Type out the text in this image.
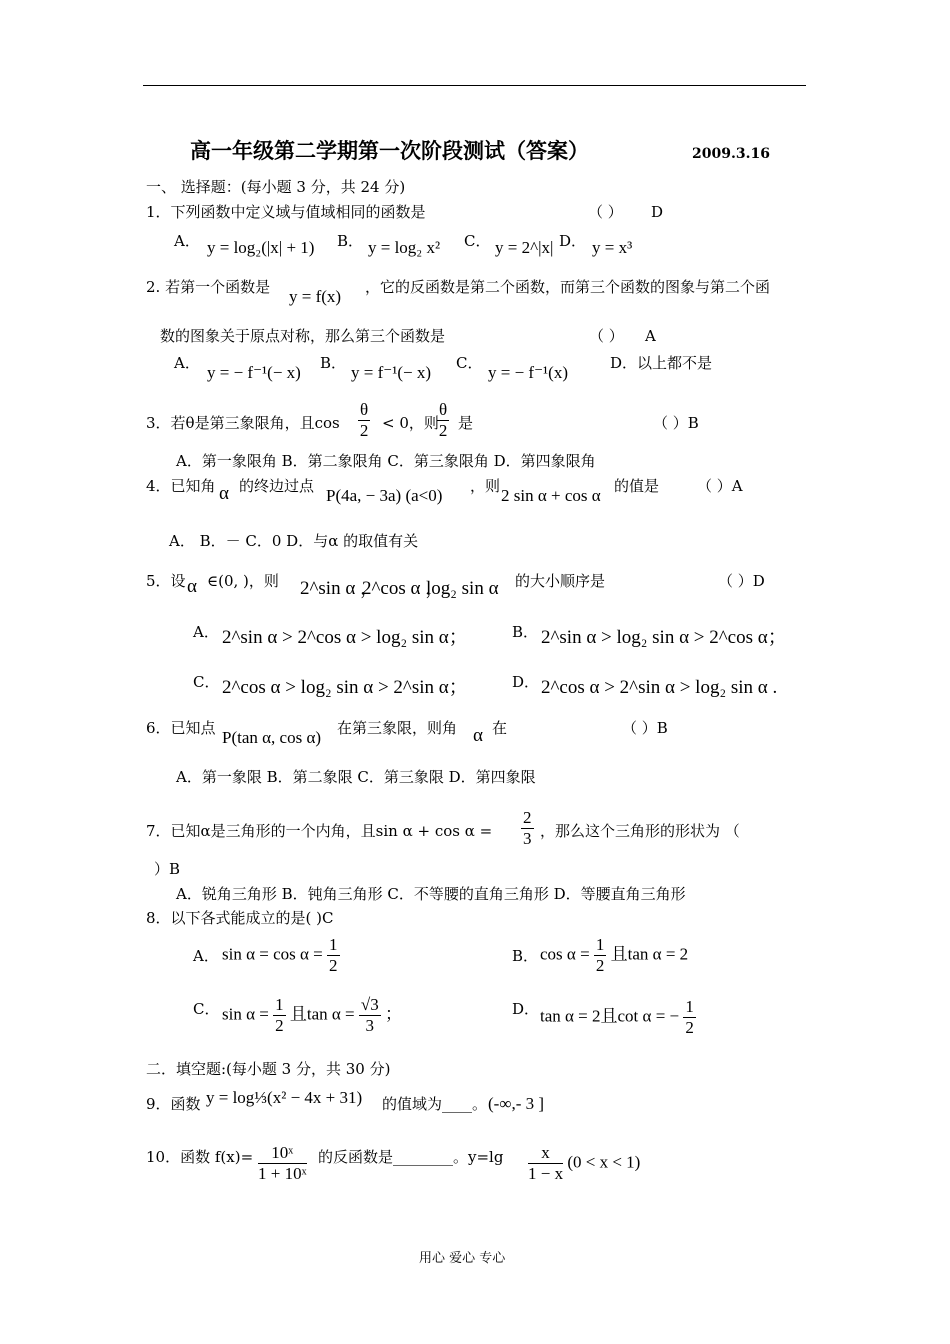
高一年级第二学期第一次阶段测试（答案）	2009.3.16
一、 选择题：(每小题 3 分，共 24 分)
1．下列函数中定义域与值域相同的函数是	（ ） D
A． y = log₂(|x| + 1) B． y = log₂ x² C． y = 2^|x| D． y = x³
2. 若第一个函数是 y = f(x) ，它的反函数是第二个函数，而第三个函数的图象与第二个函
数的图象关于原点对称，那么第三个函数是	（ ） A
A． y = − f⁻¹(− x) B． y = f⁻¹(− x) C． y = − f⁻¹(x)	D．以上都不是
3．若θ是第三象限角，且$\cos \frac{\theta}{2} < 0$，则
$\frac{\theta}{2}$ 是	（ ）B
A．第一象限角 B．第二象限角 C．第三象限角 D．第四象限角
4．已知角 α 的终边过点 P(4a, − 3a) (a<0) ，则 2 sin α + cos α 的值是	（ ）A
A． B．－ C．0 D．与α 的取值有关
5．设 α ∈(0, )，则 2^sin α ，
2^cos α ，
log₂ sin α 的大小顺序是	（ ）D
A． 2^sin α > 2^cos α > log₂ sin α；	B． 2^sin α > log₂ sin α > 2^cos α；
C． 2^cos α > log₂ sin α > 2^sin α；	D． 2^cos α > 2^sin α > log₂ sin α .
6．已知点 P(tan α, cos α) 在第三象限，则角 α 在	（ ）B
A．第一象限 B．第二象限 C．第三象限 D．第四象限
7．已知α是三角形的一个内角，且$\sin \alpha + \cos \alpha = \frac{2}{3}$ ，那么这个三角形的形状为 （
）B
A．锐角三角形 B．钝角三角形 C．不等腰的直角三角形 D．等腰直角三角形
8．以下各式能成立的是( )C
A． $\sin \alpha = \cos \alpha = \frac{1}{2}$	B． $\cos \alpha = \frac{1}{2}$ 且tan α = 2
C． $\sin \alpha = \frac{1}{2}$ 且$\tan \alpha = \frac{√3}{3}$ ；	D． tan α = 2且cot α = − $\frac{1}{2}$
二．填空题:(每小题 3 分，共 30 分)
9．函数 y = log⅓(x² − 4x + 31) 的值域为____。 (-∞,- 3 ]
10．函数 $f(x)= \frac{\text{10ˣ}}{\text{1 + 10ˣ}}$ 的反函数是________。$y=\lg \frac{x}{1 - x} (0 < x < 1)$
用心 爱心 专心
